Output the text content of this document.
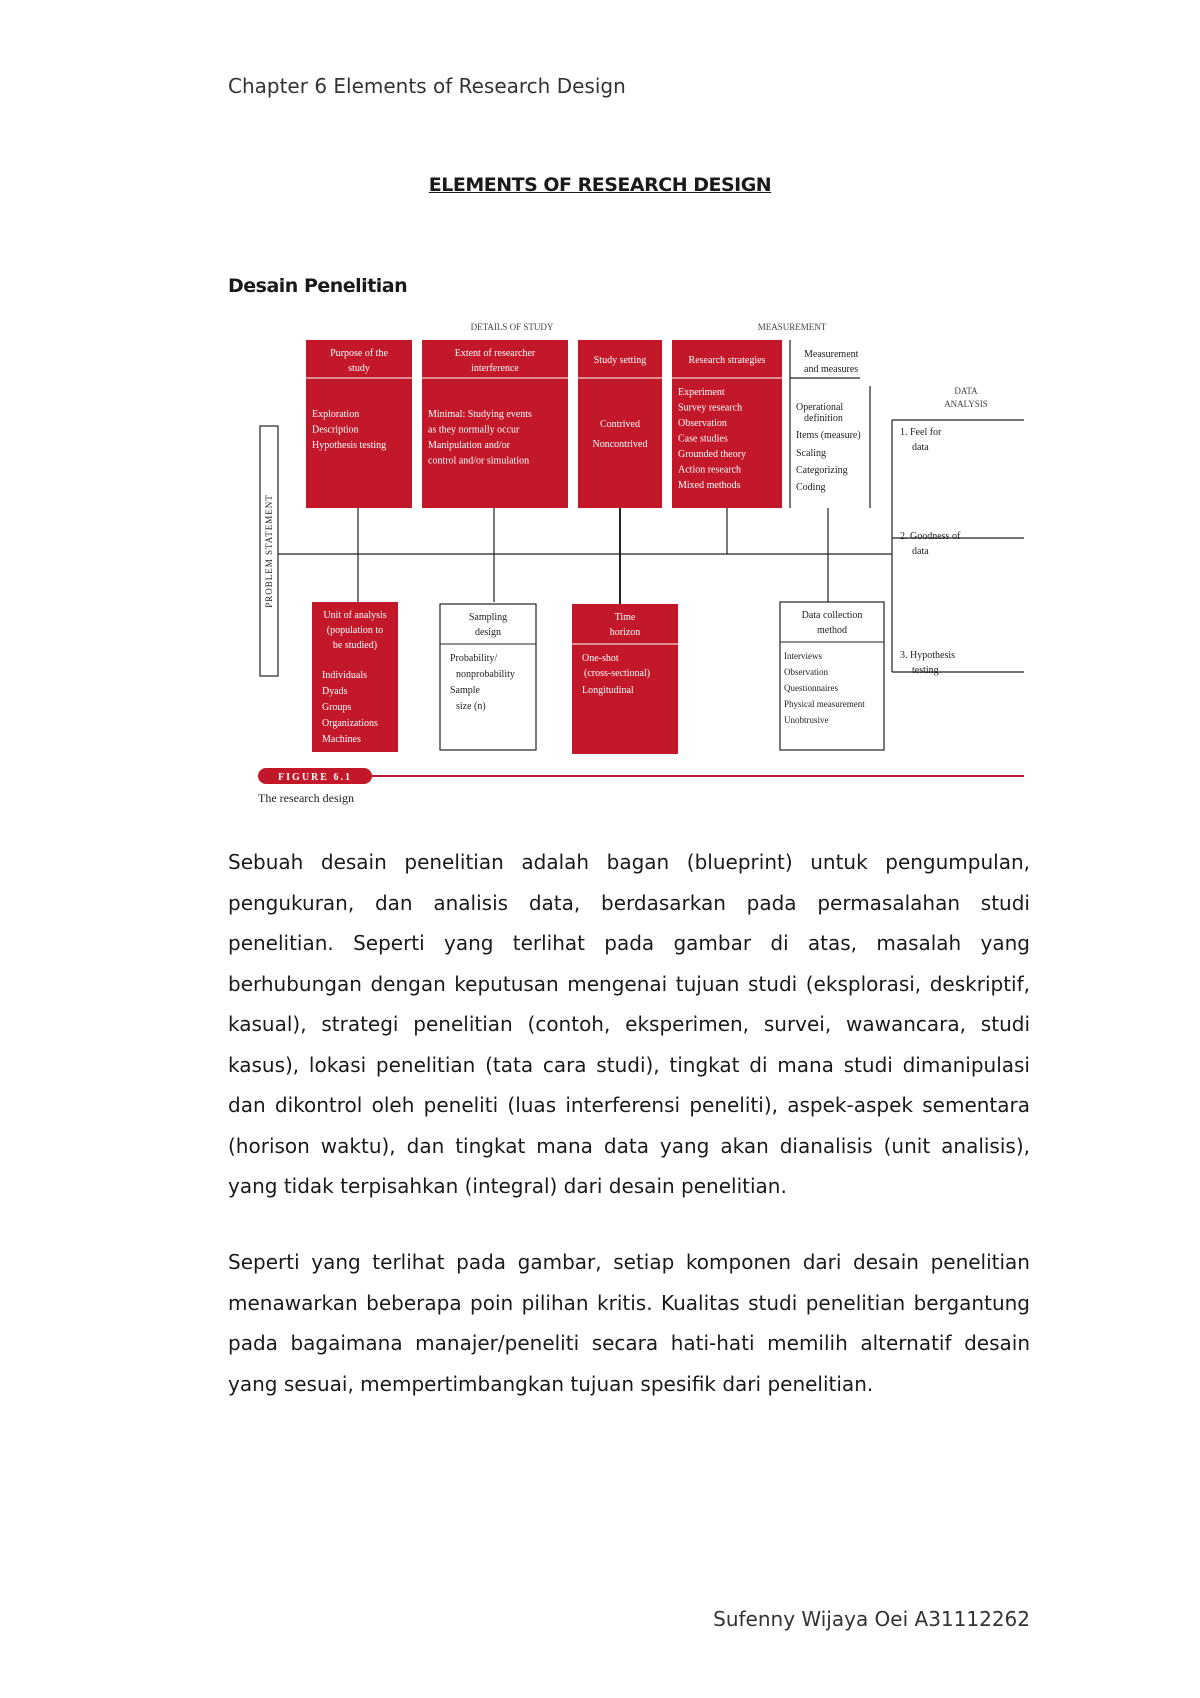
Chapter 6 Elements of Research Design
ELEMENTS OF RESEARCH DESIGN
Desain Penelitian
DETAILS OF STUDY	MEASUREMENT
DATA
ANALYSIS
PROBLEM STATEMENT
Purpose of the
study
Exploration
Description
Hypothesis testing
Extent of researcher
interference
Minimal: Studying events
as they normally occur
Manipulation and/or
control and/or simulation
Study setting
Contrived
Noncontrived
Research strategies
Experiment
Survey research
Observation
Case studies
Grounded theory
Action research
Mixed methods
Measurement
and measures
Operational
definition
Items (measure)
Scaling
Categorizing
Coding
1. Feel for
data
2. Goodness of
data
3. Hypothesis
testing
Unit of analysis
(population to
be studied)
Individuals
Dyads
Groups
Organizations
Machines
etc.
Sampling
design
Probability/
nonprobability
Sample
size (n)
Time
horizon
One-shot
(cross-sectional)
Longitudinal
Data collection
method
Interviews
Observation
Questionnaires
Physical measurement
Unobtrusive
FIGURE 6.1
The research design
Sebuah desain penelitian adalah bagan (blueprint) untuk pengumpulan, pengukuran, dan analisis data, berdasarkan pada permasalahan studi penelitian. Seperti yang terlihat pada gambar di atas, masalah yang berhubungan dengan keputusan mengenai tujuan studi (eksplorasi, deskriptif, kasual), strategi penelitian (contoh, eksperimen, survei, wawancara, studi kasus), lokasi penelitian (tata cara studi), tingkat di mana studi dimanipulasi dan dikontrol oleh peneliti (luas interferensi peneliti), aspek-aspek sementara (horison waktu), dan tingkat mana data yang akan dianalisis (unit analisis), yang tidak terpisahkan (integral) dari desain penelitian.
Seperti yang terlihat pada gambar, setiap komponen dari desain penelitian menawarkan beberapa poin pilihan kritis. Kualitas studi penelitian bergantung pada bagaimana manajer/peneliti secara hati-hati memilih alternatif desain yang sesuai, mempertimbangkan tujuan spesifik dari penelitian.
Sufenny Wijaya Oei A31112262
